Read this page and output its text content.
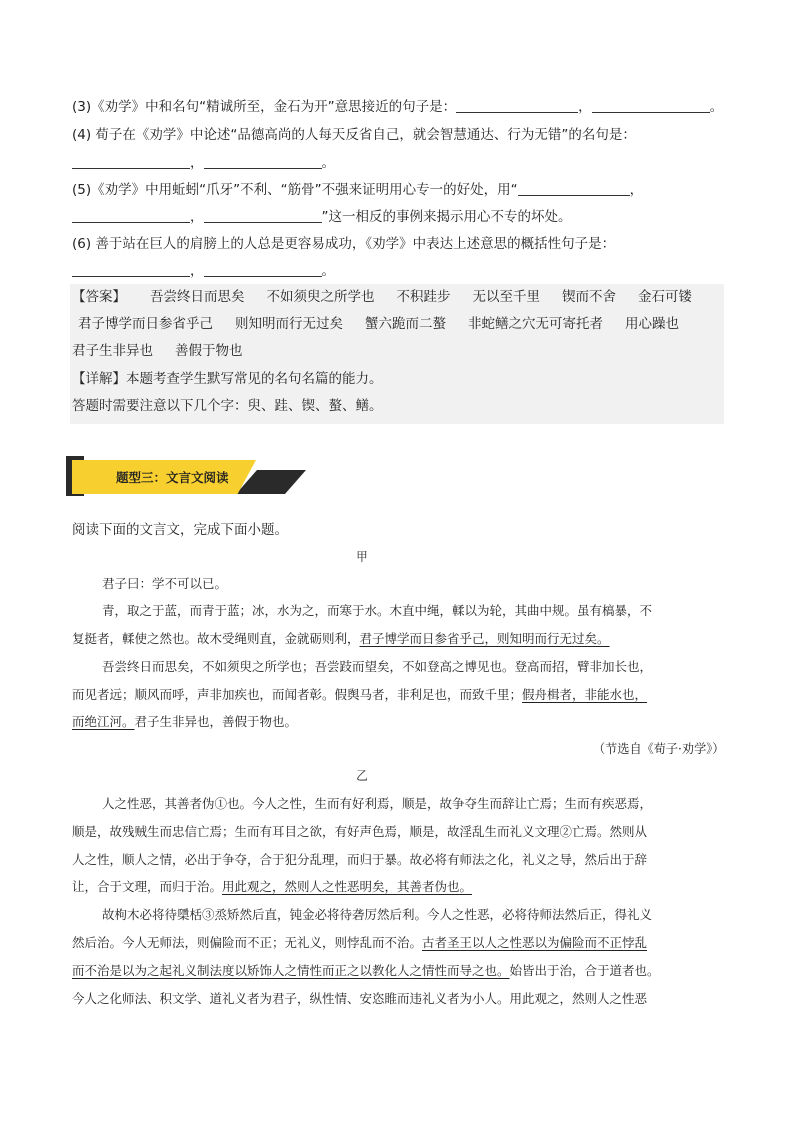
(3)《劝学》中和名句“精诚所至，金石为开”意思接近的句子是：	，	。
(4) 荀子在《劝学》中论述“品德高尚的人每天反省自己，就会智慧通达、行为无错”的名句是：
，	。
(5)《劝学》中用蚯蚓“爪牙”不利、“筋骨”不强来证明用心专一的好处，用“	，
，	”这一相反的事例来揭示用心不专的坏处。
(6) 善于站在巨人的肩膀上的人总是更容易成功，《劝学》中表达上述意思的概括性句子是：
，	。
【答案】 吾尝终日而思矣 不如须臾之所学也 不积跬步 无以至千里 锲而不舍 金石可镂
君子博学而日参省乎己 则知明而行无过矣 蟹六跪而二螯 非蛇鳝之穴无可寄托者 用心躁也
君子生非异也 善假于物也
【详解】本题考查学生默写常见的名句名篇的能力。
答题时需要注意以下几个字：臾、跬、锲、螯、鳝。
题型三：文言文阅读
阅读下面的文言文，完成下面小题。
甲
君子曰：学不可以已。
青，取之于蓝，而青于蓝；冰，水为之，而寒于水。木直中绳，輮以为轮，其曲中规。虽有槁暴，不
复挺者，輮使之然也。故木受绳则直，金就砺则利，君子博学而日参省乎己，则知明而行无过矣。
吾尝终日而思矣，不如须臾之所学也；吾尝跂而望矣，不如登高之博见也。登高而招，臂非加长也，
而见者远；顺风而呼，声非加疾也，而闻者彰。假舆马者，非利足也，而致千里；假舟楫者，非能水也，
而绝江河。君子生非异也，善假于物也。
（节选自《荀子·劝学》）
乙
人之性恶，其善者伪①也。今人之性，生而有好利焉，顺是，故争夺生而辞让亡焉；生而有疾恶焉，
顺是，故残贼生而忠信亡焉；生而有耳目之欲，有好声色焉，顺是，故淫乱生而礼义文理②亡焉。然则从
人之性，顺人之情，必出于争夺，合于犯分乱理，而归于暴。故必将有师法之化，礼义之导，然后出于辞
让，合于文理，而归于治。用此观之，然则人之性恶明矣，其善者伪也。
故枸木必将待檃栝③烝矫然后直，钝金必将待砻厉然后利。今人之性恶，必将待师法然后正，得礼义
然后治。今人无师法，则偏险而不正；无礼义，则悖乱而不治。古者圣王以人之性恶以为偏险而不正悖乱
而不治是以为之起礼义制法度以矫饰人之情性而正之以教化人之情性而导之也。始皆出于治，合于道者也。
今人之化师法、积文学、道礼义者为君子，纵性情、安恣睢而违礼义者为小人。用此观之，然则人之性恶
